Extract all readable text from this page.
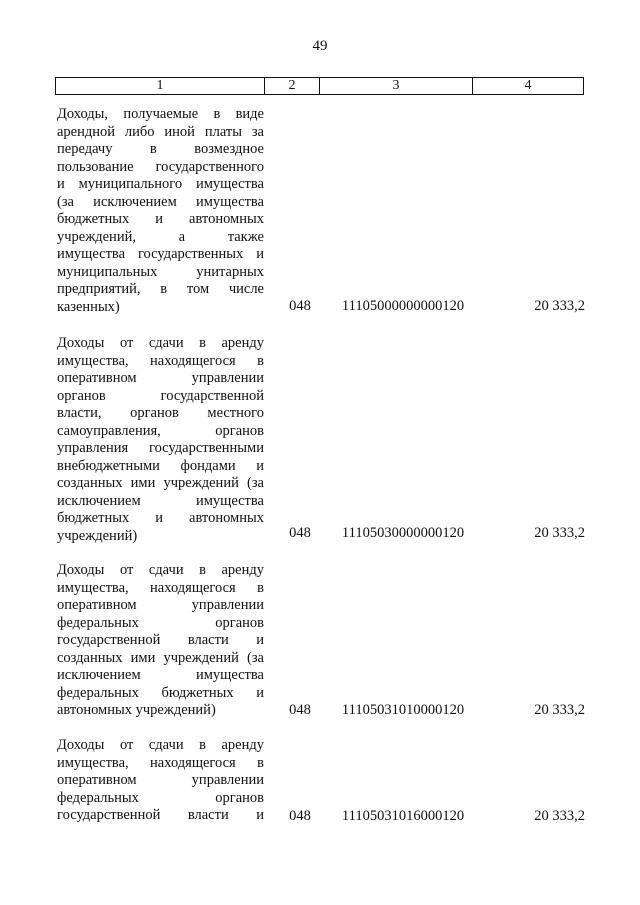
49
1	2	3	4
Доходы, получаемые в виде
арендной либо иной платы за
передачу в возмездное
пользование государственного
и муниципального имущества
(за исключением имущества
бюджетных и автономных
учреждений, а также
имущества государственных и
муниципальных унитарных
предприятий, в том числе
казенных)	048	11105000000000120	20 333,2
Доходы от сдачи в аренду
имущества, находящегося в
оперативном управлении
органов государственной
власти, органов местного
самоуправления, органов
управления государственными
внебюджетными фондами и
созданных ими учреждений (за
исключением имущества
бюджетных и автономных
учреждений)	048	11105030000000120	20 333,2
Доходы от сдачи в аренду
имущества, находящегося в
оперативном управлении
федеральных органов
государственной власти и
созданных ими учреждений (за
исключением имущества
федеральных бюджетных и
автономных учреждений)	048	11105031010000120	20 333,2
Доходы от сдачи в аренду
имущества, находящегося в
оперативном управлении
федеральных органов
государственной власти и	048	11105031016000120	20 333,2
